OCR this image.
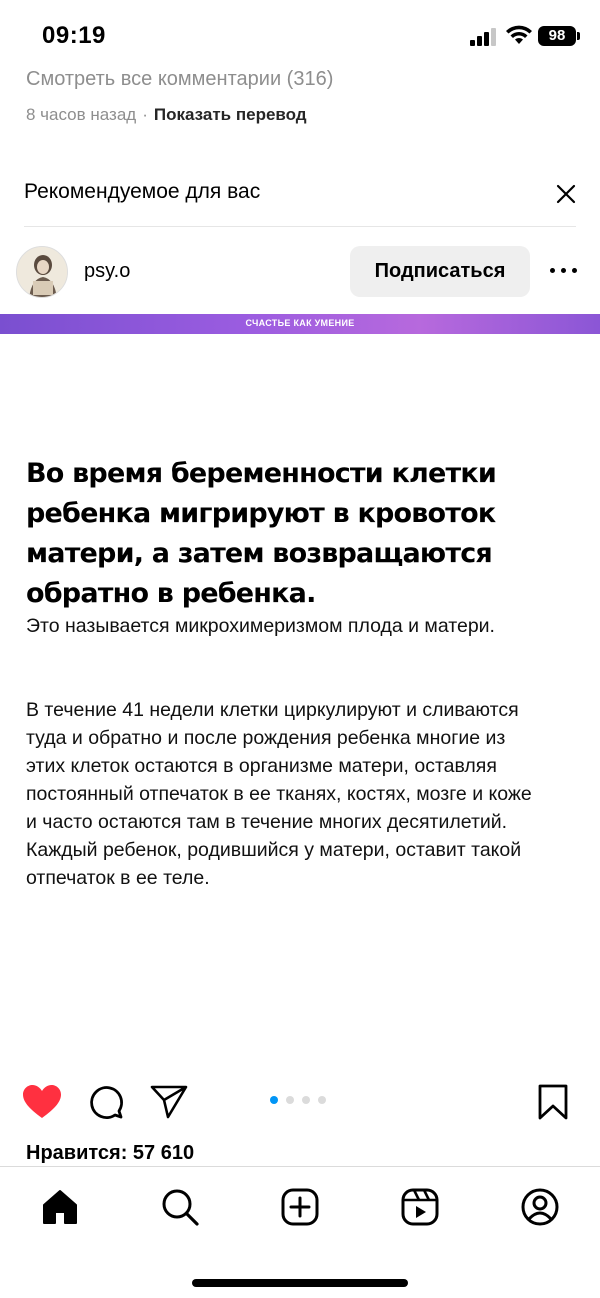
09:19	98
Смотреть все комментарии (316)
8 часов назад · Показать перевод
Рекомендуемое для вас
psy.o	Подписаться
СЧАСТЬЕ КАК УМЕНИЕ
Во время беременности клетки ребенка мигрируют в кровоток матери, а затем возвращаются обратно в ребенка.
Это называется микрохимеризмом плода и матери.
В течение 41 недели клетки циркулируют и сливаются туда и обратно и после рождения ребенка многие из этих клеток остаются в организме матери, оставляя постоянный отпечаток в ее тканях, костях, мозге и коже и часто остаются там в течение многих десятилетий. Каждый ребенок, родившийся у матери, оставит такой отпечаток в ее теле.
Нравится: 57 610
